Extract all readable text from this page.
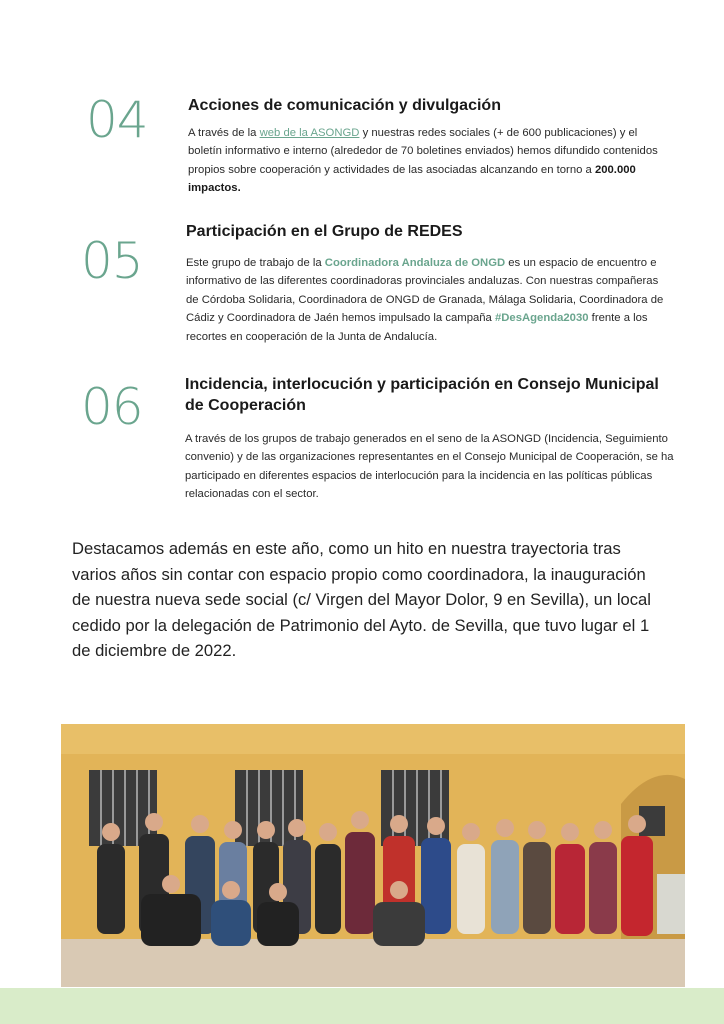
04	Acciones de comunicación y divulgación
A través de la web de la ASONGD y nuestras redes sociales (+ de 600 publicaciones) y el boletín informativo e interno (alrededor de 70 boletines enviados) hemos difundido contenidos propios sobre cooperación y actividades de las asociadas alcanzando en torno a 200.000 impactos.
05
Participación en el Grupo de REDES
Este grupo de trabajo de la Coordinadora Andaluza de ONGD es un espacio de encuentro e informativo de las diferentes coordinadoras provinciales andaluzas. Con nuestras compañeras de Córdoba Solidaria, Coordinadora de ONGD de Granada, Málaga Solidaria, Coordinadora de Cádiz y Coordinadora de Jaén hemos impulsado la campaña #DesAgenda2030 frente a los recortes en cooperación de la Junta de Andalucía.
06	Incidencia, interlocución y participación en Consejo Municipal de Cooperación
A través de los grupos de trabajo generados en el seno de la ASONGD (Incidencia, Seguimiento convenio) y de las organizaciones representantes en el Consejo Municipal de Cooperación, se ha participado en diferentes espacios de interlocución para la incidencia en las políticas públicas relacionadas con el sector.
Destacamos además en este año, como un hito en nuestra trayectoria tras varios años sin contar con espacio propio como coordinadora, la inauguración de nuestra nueva sede social (c/ Virgen del Mayor Dolor, 9 en Sevilla), un local cedido por la delegación de Patrimonio del Ayto. de Sevilla, que tuvo lugar el 1 de diciembre de 2022.
